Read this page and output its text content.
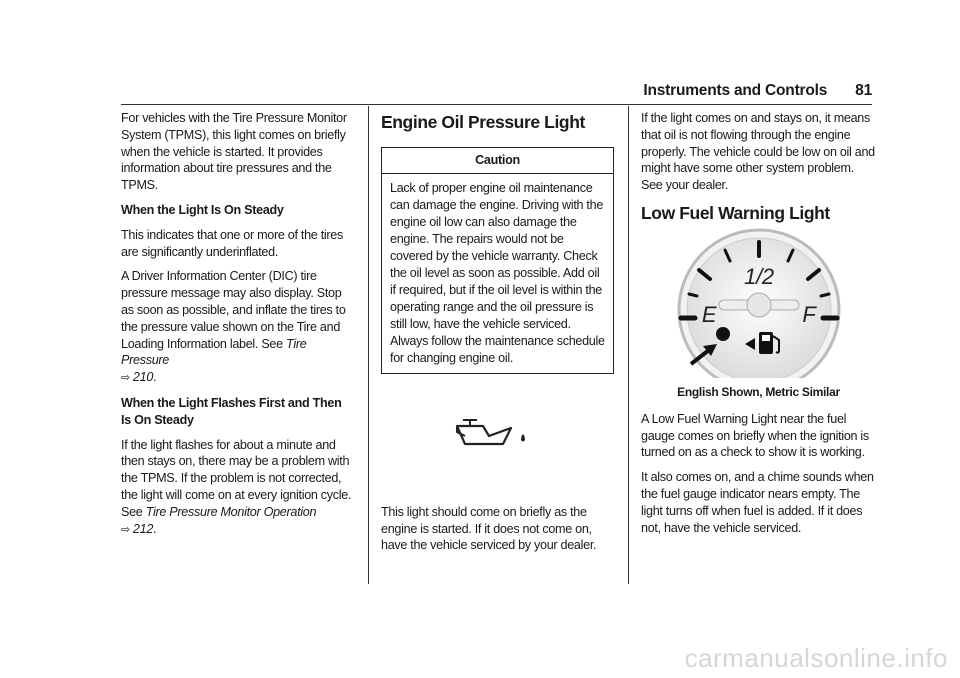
Instruments and Controls 81

For vehicles with the Tire Pressure Monitor System (TPMS), this light comes on briefly when the vehicle is started. It provides information about tire pressures and the TPMS.

When the Light Is On Steady

This indicates that one or more of the tires are significantly underinflated.

A Driver Information Center (DIC) tire pressure message may also display. Stop as soon as possible, and inflate the tires to the pressure value shown on the Tire and Loading Information label. See Tire Pressure
⇨ 210.

When the Light Flashes First and Then Is On Steady

If the light flashes for about a minute and then stays on, there may be a problem with the TPMS. If the problem is not corrected, the light will come on at every ignition cycle. See Tire Pressure Monitor Operation
⇨ 212.

Engine Oil Pressure Light
Caution
Lack of proper engine oil maintenance can damage the engine. Driving with the engine oil low can also damage the engine. The repairs would not be covered by the vehicle warranty. Check the oil level as soon as possible. Add oil if required, but if the oil level is within the operating range and the oil pressure is still low, have the vehicle serviced. Always follow the maintenance schedule for changing engine oil.

This light should come on briefly as the engine is started. If it does not come on, have the vehicle serviced by your dealer.

If the light comes on and stays on, it means that oil is not flowing through the engine properly. The vehicle could be low on oil and might have some other system problem. See your dealer.

Low Fuel Warning Light
1/2
E	F
English Shown, Metric Similar

A Low Fuel Warning Light near the fuel gauge comes on briefly when the ignition is turned on as a check to show it is working.

It also comes on, and a chime sounds when the fuel gauge indicator nears empty. The light turns off when fuel is added. If it does not, have the vehicle serviced.

carmanualsonline.info
